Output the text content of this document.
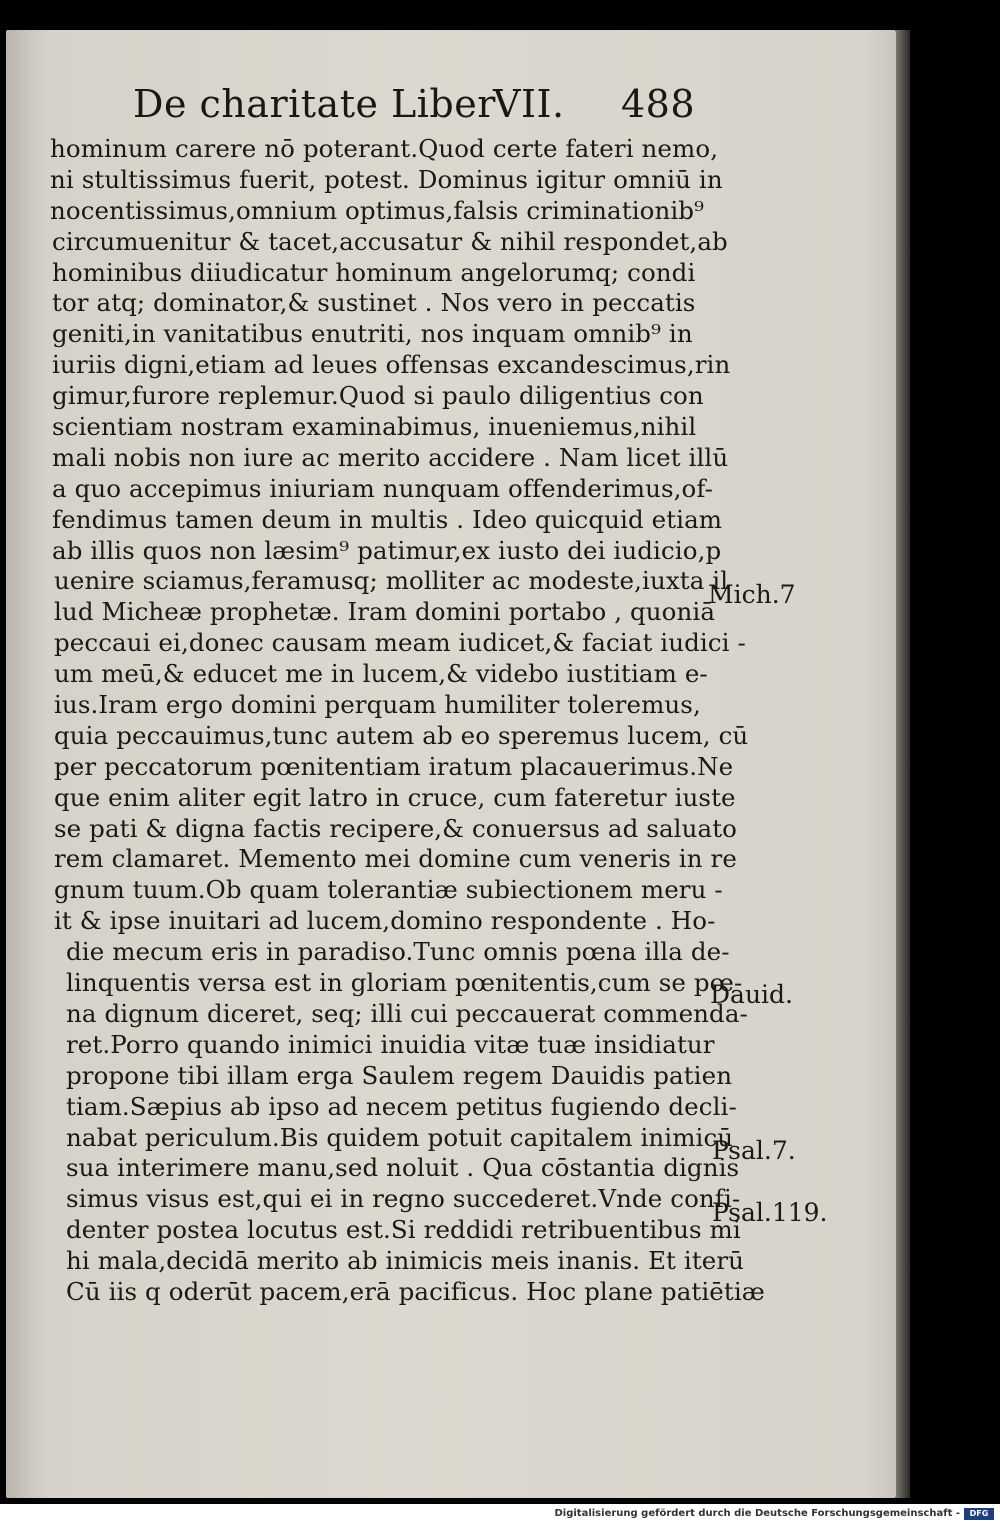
De charitate Liber
VII. 488
hominum carere nō poterant.Quod certe fateri nemo,
ni stultissimus fuerit, potest. Dominus igitur omniū in
nocentissimus,omnium optimus,falsis criminationib⁹
circumuenitur & tacet,accusatur & nihil respondet,ab
hominibus diiudicatur hominum angelorumq; condi
tor atq; dominator,& sustinet . Nos vero in peccatis
geniti,in vanitatibus enutriti, nos inquam omnib⁹ in
iuriis digni,etiam ad leues offensas excandescimus,rin
gimur,furore replemur.Quod si paulo diligentius con
scientiam nostram examinabimus, inueniemus,nihil
mali nobis non iure ac merito accidere . Nam licet illū
a quo accepimus iniuriam nunquam offenderimus,of-
fendimus tamen deum in multis . Ideo quicquid etiam
ab illis quos non læsim⁹ patimur,ex iusto dei iudicio,p
uenire sciamus,feramusq; molliter ac modeste,iuxta il
lud Micheæ prophetæ. Iram domini portabo , quoniā
peccaui ei,donec causam meam iudicet,& faciat iudici -
um meū,& educet me in lucem,& videbo iustitiam e-
ius.Iram ergo domini perquam humiliter toleremus,
quia peccauimus,tunc autem ab eo speremus lucem, cū
per peccatorum pœnitentiam iratum placauerimus.Ne
que enim aliter egit latro in cruce, cum fateretur iuste
se pati & digna factis recipere,& conuersus ad saluato
rem clamaret. Memento mei domine cum veneris in re
gnum tuum.Ob quam tolerantiæ subiectionem meru -
it & ipse inuitari ad lucem,domino respondente . Ho-
die mecum eris in paradiso.Tunc omnis pœna illa de-
linquentis versa est in gloriam pœnitentis,cum se pœ-
na dignum diceret, seq; illi cui peccauerat commenda-
ret.Porro quando inimici inuidia vitæ tuæ insidiatur
propone tibi illam erga Saulem regem Dauidis patien
tiam.Sæpius ab ipso ad necem petitus fugiendo decli-
nabat periculum.Bis quidem potuit capitalem inimicū
sua interimere manu,sed noluit . Qua cōstantia dignis
simus visus est,qui ei in regno succederet.Vnde confi-
denter postea locutus est.Si reddidi retribuentibus mi
hi mala,decidā merito ab inimicis meis inanis. Et iterū
Cū iis q oderūt pacem,erā pacificus. Hoc plane patiētiæ
Mich.7
Dauid.
Psal.7.
Psal.119.
Digitalisierung gefördert durch die Deutsche Forschungsgemeinschaft -	DFG
